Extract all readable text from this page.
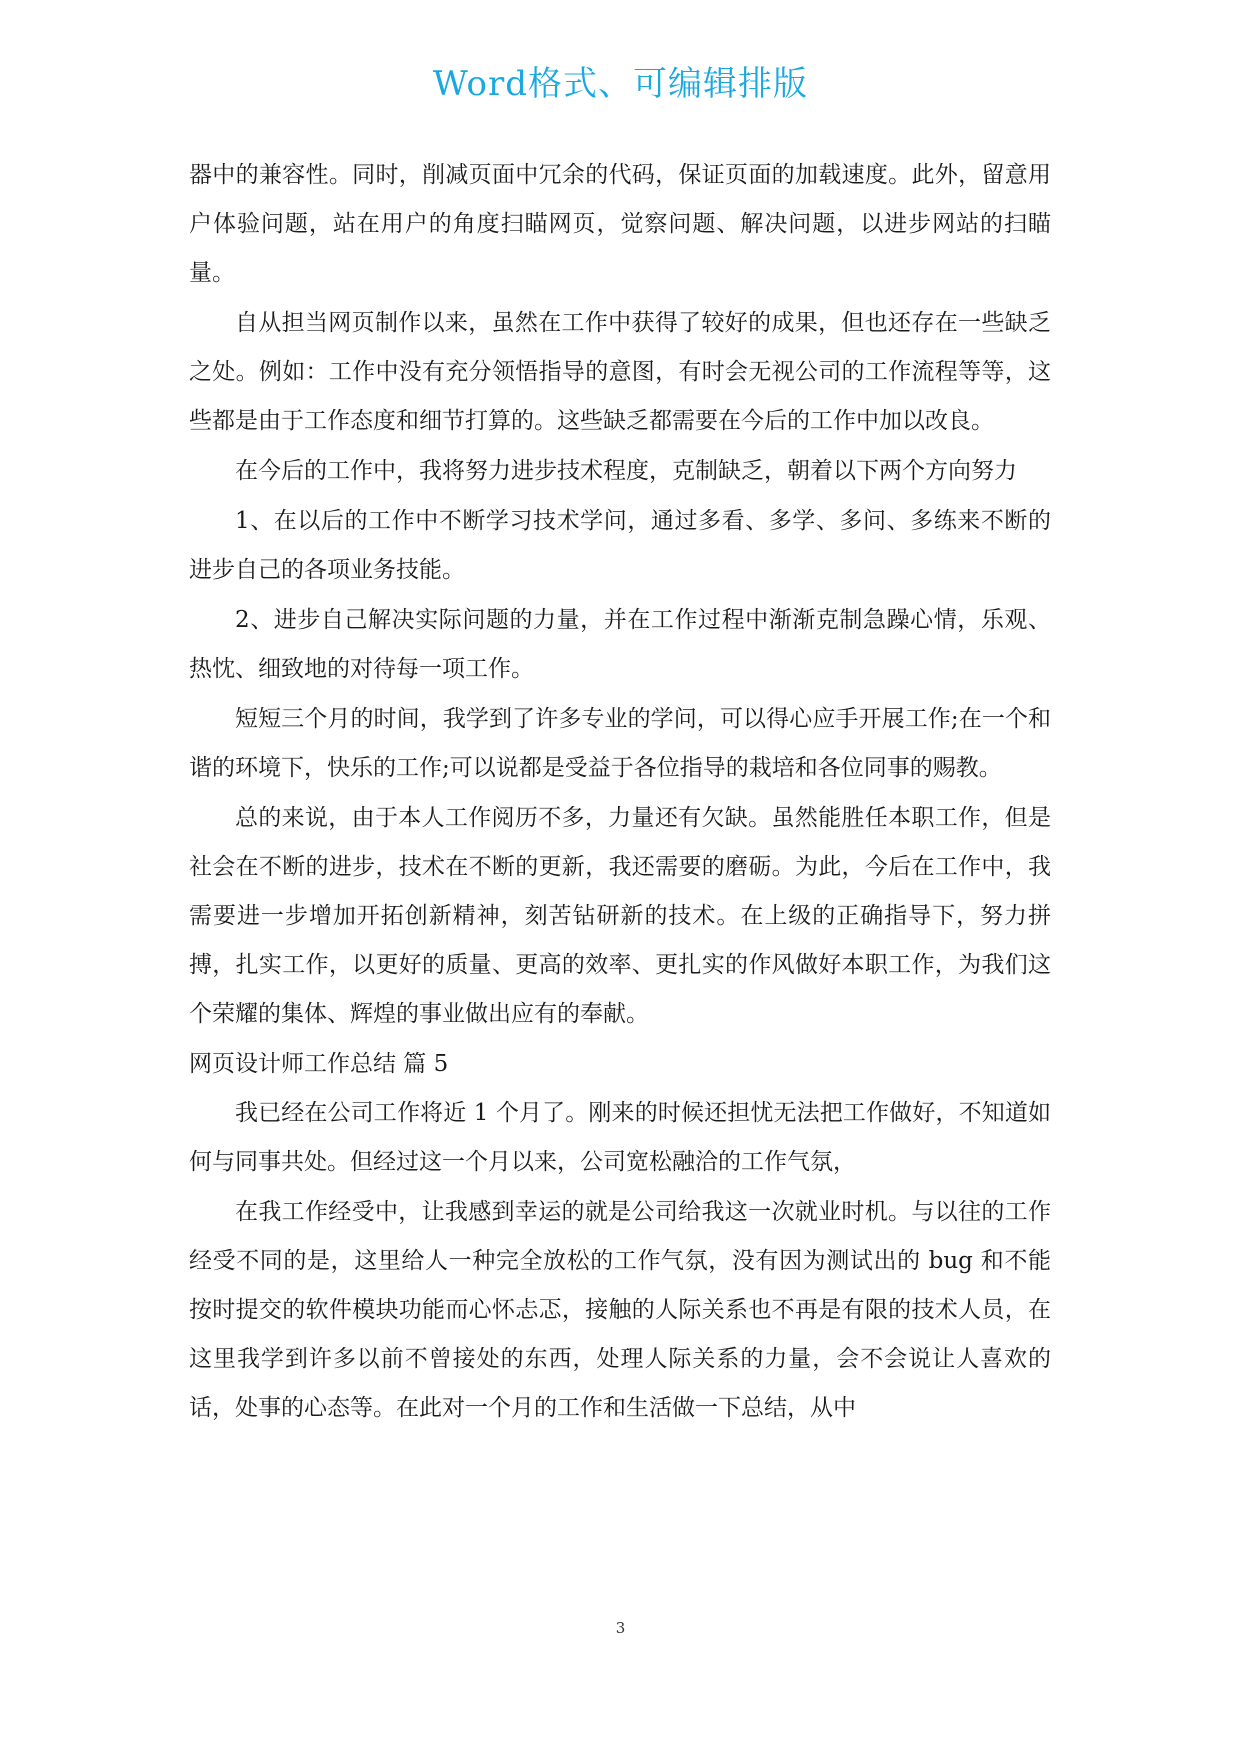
Word格式、可编辑排版

器中的兼容性。同时，削减页面中冗余的代码，保证页面的加载速度。此外，留意用户体验问题，站在用户的角度扫瞄网页，觉察问题、解决问题，以进步网站的扫瞄量。

自从担当网页制作以来，虽然在工作中获得了较好的成果，但也还存在一些缺乏之处。例如：工作中没有充分领悟指导的意图，有时会无视公司的工作流程等等，这些都是由于工作态度和细节打算的。这些缺乏都需要在今后的工作中加以改良。

在今后的工作中，我将努力进步技术程度，克制缺乏，朝着以下两个方向努力

1、在以后的工作中不断学习技术学问，通过多看、多学、多问、多练来不断的进步自己的各项业务技能。

2、进步自己解决实际问题的力量，并在工作过程中渐渐克制急躁心情，乐观、热忱、细致地的对待每一项工作。

短短三个月的时间，我学到了许多专业的学问，可以得心应手开展工作;在一个和谐的环境下，快乐的工作;可以说都是受益于各位指导的栽培和各位同事的赐教。

总的来说，由于本人工作阅历不多，力量还有欠缺。虽然能胜任本职工作，但是社会在不断的进步，技术在不断的更新，我还需要的磨砺。为此，今后在工作中，我需要进一步增加开拓创新精神，刻苦钻研新的技术。在上级的正确指导下，努力拼搏，扎实工作，以更好的质量、更高的效率、更扎实的作风做好本职工作，为我们这个荣耀的集体、辉煌的事业做出应有的奉献。

网页设计师工作总结 篇 5

我已经在公司工作将近 1 个月了。刚来的时候还担忧无法把工作做好，不知道如何与同事共处。但经过这一个月以来，公司宽松融洽的工作气氛，

在我工作经受中，让我感到幸运的就是公司给我这一次就业时机。与以往的工作经受不同的是，这里给人一种完全放松的工作气氛，没有因为测试出的 bug 和不能按时提交的软件模块功能而心怀忐忑，接触的人际关系也不再是有限的技术人员，在这里我学到许多以前不曾接处的东西，处理人际关系的力量，会不会说让人喜欢的话，处事的心态等。在此对一个月的工作和生活做一下总结，从中

3
